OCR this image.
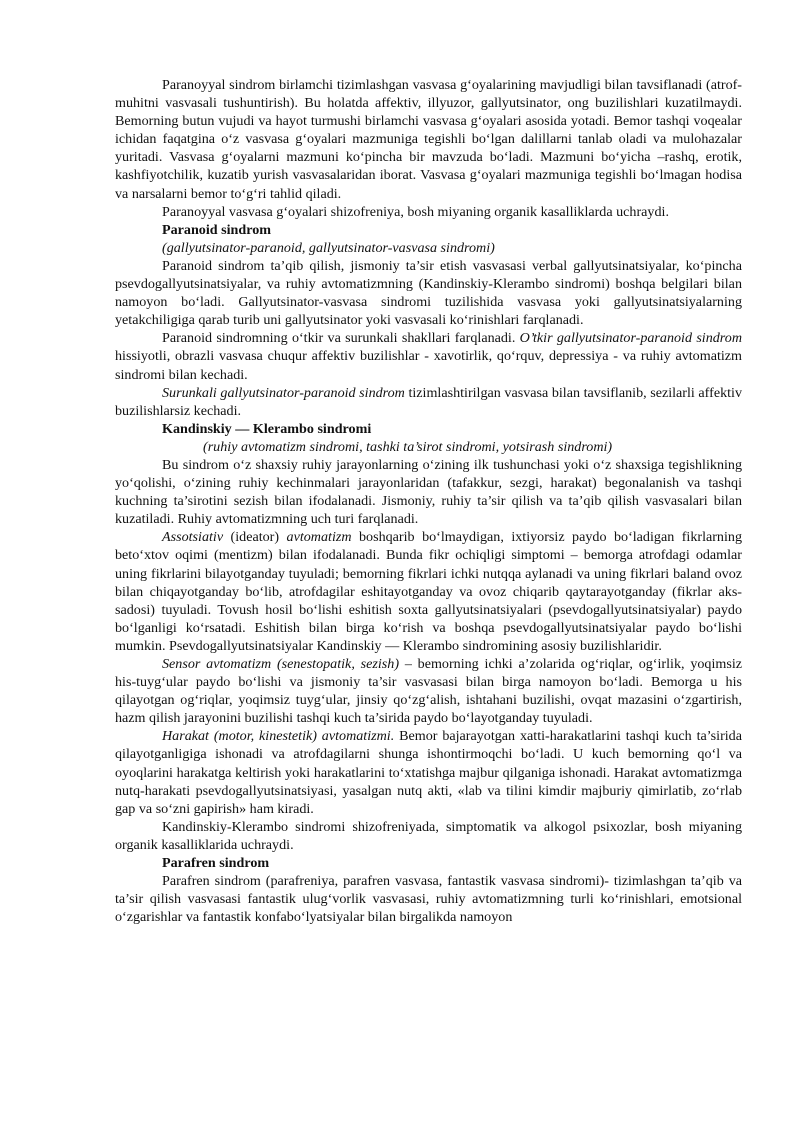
Paranoyyal sindrom birlamchi tizimlashgan vasvasa g‘oyalarining mavjudligi bilan tavsiflanadi (atrof-muhitni vasvasali tushuntirish). Bu holatda affektiv, illyuzor, gallyutsinator, ong buzilishlari kuzatilmaydi. Bemorning butun vujudi va hayot turmushi birlamchi vasvasa g‘oyalari asosida yotadi. Bemor tashqi voqealar ichidan faqatgina o‘z vasvasa g‘oyalari mazmuniga tegishli bo‘lgan dalillarni tanlab oladi va mulohazalar yuritadi. Vasvasa g‘oyalarni mazmuni ko‘pincha bir mavzuda bo‘ladi. Mazmuni bo‘yicha –rashq, erotik, kashfiyotchilik, kuzatib yurish vasvasalaridan iborat. Vasvasa g‘oyalari mazmuniga tegishli bo‘lmagan hodisa va narsalarni bemor to‘g‘ri tahlid qiladi.

Paranoyyal vasvasa g‘oyalari shizofreniya, bosh miyaning organik kasalliklarda uchraydi.

Paranoid sindrom
(gallyutsinator-paranoid, gallyutsinator-vasvasa sindromi)

Paranoid sindrom ta’qib qilish, jismoniy ta’sir etish vasvasasi verbal gallyutsinatsiyalar, ko‘pincha psevdogallyutsinatsiyalar, va ruhiy avtomatizmning (Kandinskiy-Klerambo sindromi) boshqa belgilari bilan namoyon bo‘ladi. Gallyutsinator-vasvasa sindromi tuzilishida vasvasa yoki gallyutsinatsiyalarning yetakchiligiga qarab turib uni gallyutsinator yoki vasvasali ko‘rinishlari farqlanadi.

Paranoid sindromning o‘tkir va surunkali shakllari farqlanadi. O’tkir gallyutsinator-paranoid sindrom hissiyotli, obrazli vasvasa chuqur affektiv buzilishlar - xavotirlik, qo‘rquv, depressiya - va ruhiy avtomatizm sindromi bilan kechadi.

Surunkali gallyutsinator-paranoid sindrom tizimlashtirilgan vasvasa bilan tavsiflanib, sezilarli affektiv buzilishlarsiz kechadi.

Kandinskiy — Klerambo sindromi
(ruhiy avtomatizm sindromi, tashki ta’sirot sindromi, yotsirash sindromi)

Bu sindrom o‘z shaxsiy ruhiy jarayonlarning o‘zining ilk tushunchasi yoki o‘z shaxsiga tegishlikning yo‘qolishi, o‘zining ruhiy kechinmalari jarayonlaridan (tafakkur, sezgi, harakat) begonalanish va tashqi kuchning ta’sirotini sezish bilan ifodalanadi. Jismoniy, ruhiy ta’sir qilish va ta’qib qilish vasvasalari bilan kuzatiladi. Ruhiy avtomatizmning uch turi farqlanadi.

Assotsiativ (ideator) avtomatizm boshqarib bo‘lmaydigan, ixtiyorsiz paydo bo‘ladigan fikrlarning beto‘xtov oqimi (mentizm) bilan ifodalanadi. Bunda fikr ochiqligi simptomi – bemorga atrofdagi odamlar uning fikrlarini bilayotganday tuyuladi; bemorning fikrlari ichki nutqqa aylanadi va uning fikrlari baland ovoz bilan chiqayotganday bo‘lib, atrofdagilar eshitayotganday va ovoz chiqarib qaytarayotganday (fikrlar aks-sadosi) tuyuladi. Tovush hosil bo‘lishi eshitish soxta gallyutsinatsiyalari (psevdogallyutsinatsiyalar) paydo bo‘lganligi ko‘rsatadi. Eshitish bilan birga ko‘rish va boshqa psevdogallyutsinatsiyalar paydo bo‘lishi mumkin. Psevdogallyutsinatsiyalar Kandinskiy — Klerambo sindromining asosiy buzilishlaridir.

Sensor avtomatizm (senestopatik, sezish) – bemorning ichki a’zolarida og‘riqlar, og‘irlik, yoqimsiz his-tuyg‘ular paydo bo‘lishi va jismoniy ta’sir vasvasasi bilan birga namoyon bo‘ladi. Bemorga u his qilayotgan og‘riqlar, yoqimsiz tuyg‘ular, jinsiy qo‘zg‘alish, ishtahani buzilishi, ovqat mazasini o‘zgartirish, hazm qilish jarayonini buzilishi tashqi kuch ta’sirida paydo bo‘layotganday tuyuladi.

Harakat (motor, kinestetik) avtomatizmi. Bemor bajarayotgan xatti-harakatlarini tashqi kuch ta’sirida qilayotganligiga ishonadi va atrofdagilarni shunga ishontirmoqchi bo‘ladi. U kuch bemorning qo‘l va oyoqlarini harakatga keltirish yoki harakatlarini to‘xtatishga majbur qilganiga ishonadi. Harakat avtomatizmga nutq-harakati psevdogallyutsinatsiyasi, yasalgan nutq akti, «lab va tilini kimdir majburiy qimirlatib, zo‘rlab gap va so‘zni gapirish» ham kiradi.

Kandinskiy-Klerambo sindromi shizofreniyada, simptomatik va alkogol psixozlar, bosh miyaning organik kasalliklarida uchraydi.

Parafren sindrom

Parafren sindrom (parafreniya, parafren vasvasa, fantastik vasvasa sindromi)- tizimlashgan ta’qib va ta’sir qilish vasvasasi fantastik ulug‘vorlik vasvasasi, ruhiy avtomatizmning turli ko‘rinishlari, emotsional o‘zgarishlar va fantastik konfabo‘lyatsiyalar bilan birgalikda namoyon
